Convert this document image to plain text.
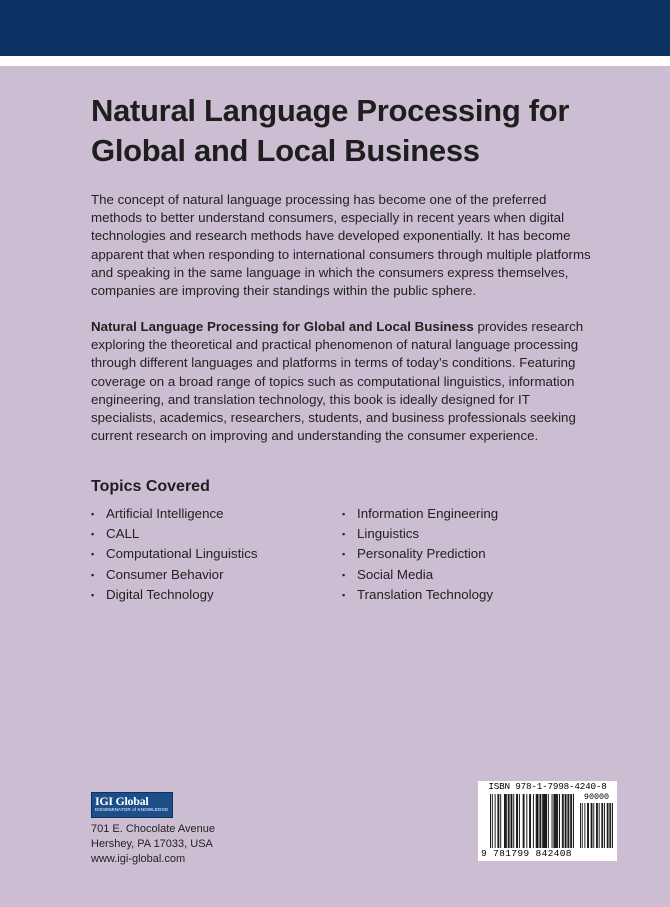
Natural Language Processing for
Global and Local Business
The concept of natural language processing has become one of the preferred methods to better understand consumers, especially in recent years when digital technologies and research methods have developed exponentially. It has become apparent that when responding to international consumers through multiple platforms and speaking in the same language in which the consumers express themselves, companies are improving their standings within the public sphere.
Natural Language Processing for Global and Local Business provides research exploring the theoretical and practical phenomenon of natural language processing through different languages and platforms in terms of today’s conditions. Featuring coverage on a broad range of topics such as computational linguistics, information engineering, and translation technology, this book is ideally designed for IT specialists, academics, researchers, students, and business professionals seeking current research on improving and understanding the consumer experience.
Topics Covered
▪ Artificial Intelligence
▪ CALL
▪ Computational Linguistics
▪ Consumer Behavior
▪ Digital Technology
▪ Information Engineering
▪ Linguistics
▪ Personality Prediction
▪ Social Media
▪ Translation Technology
IGI Global
DISSEMINATOR of KNOWLEDGE
701 E. Chocolate Avenue
Hershey, PA 17033, USA
www.igi-global.com
ISBN 978-1-7998-4240-8
90000
9 781799 842408
